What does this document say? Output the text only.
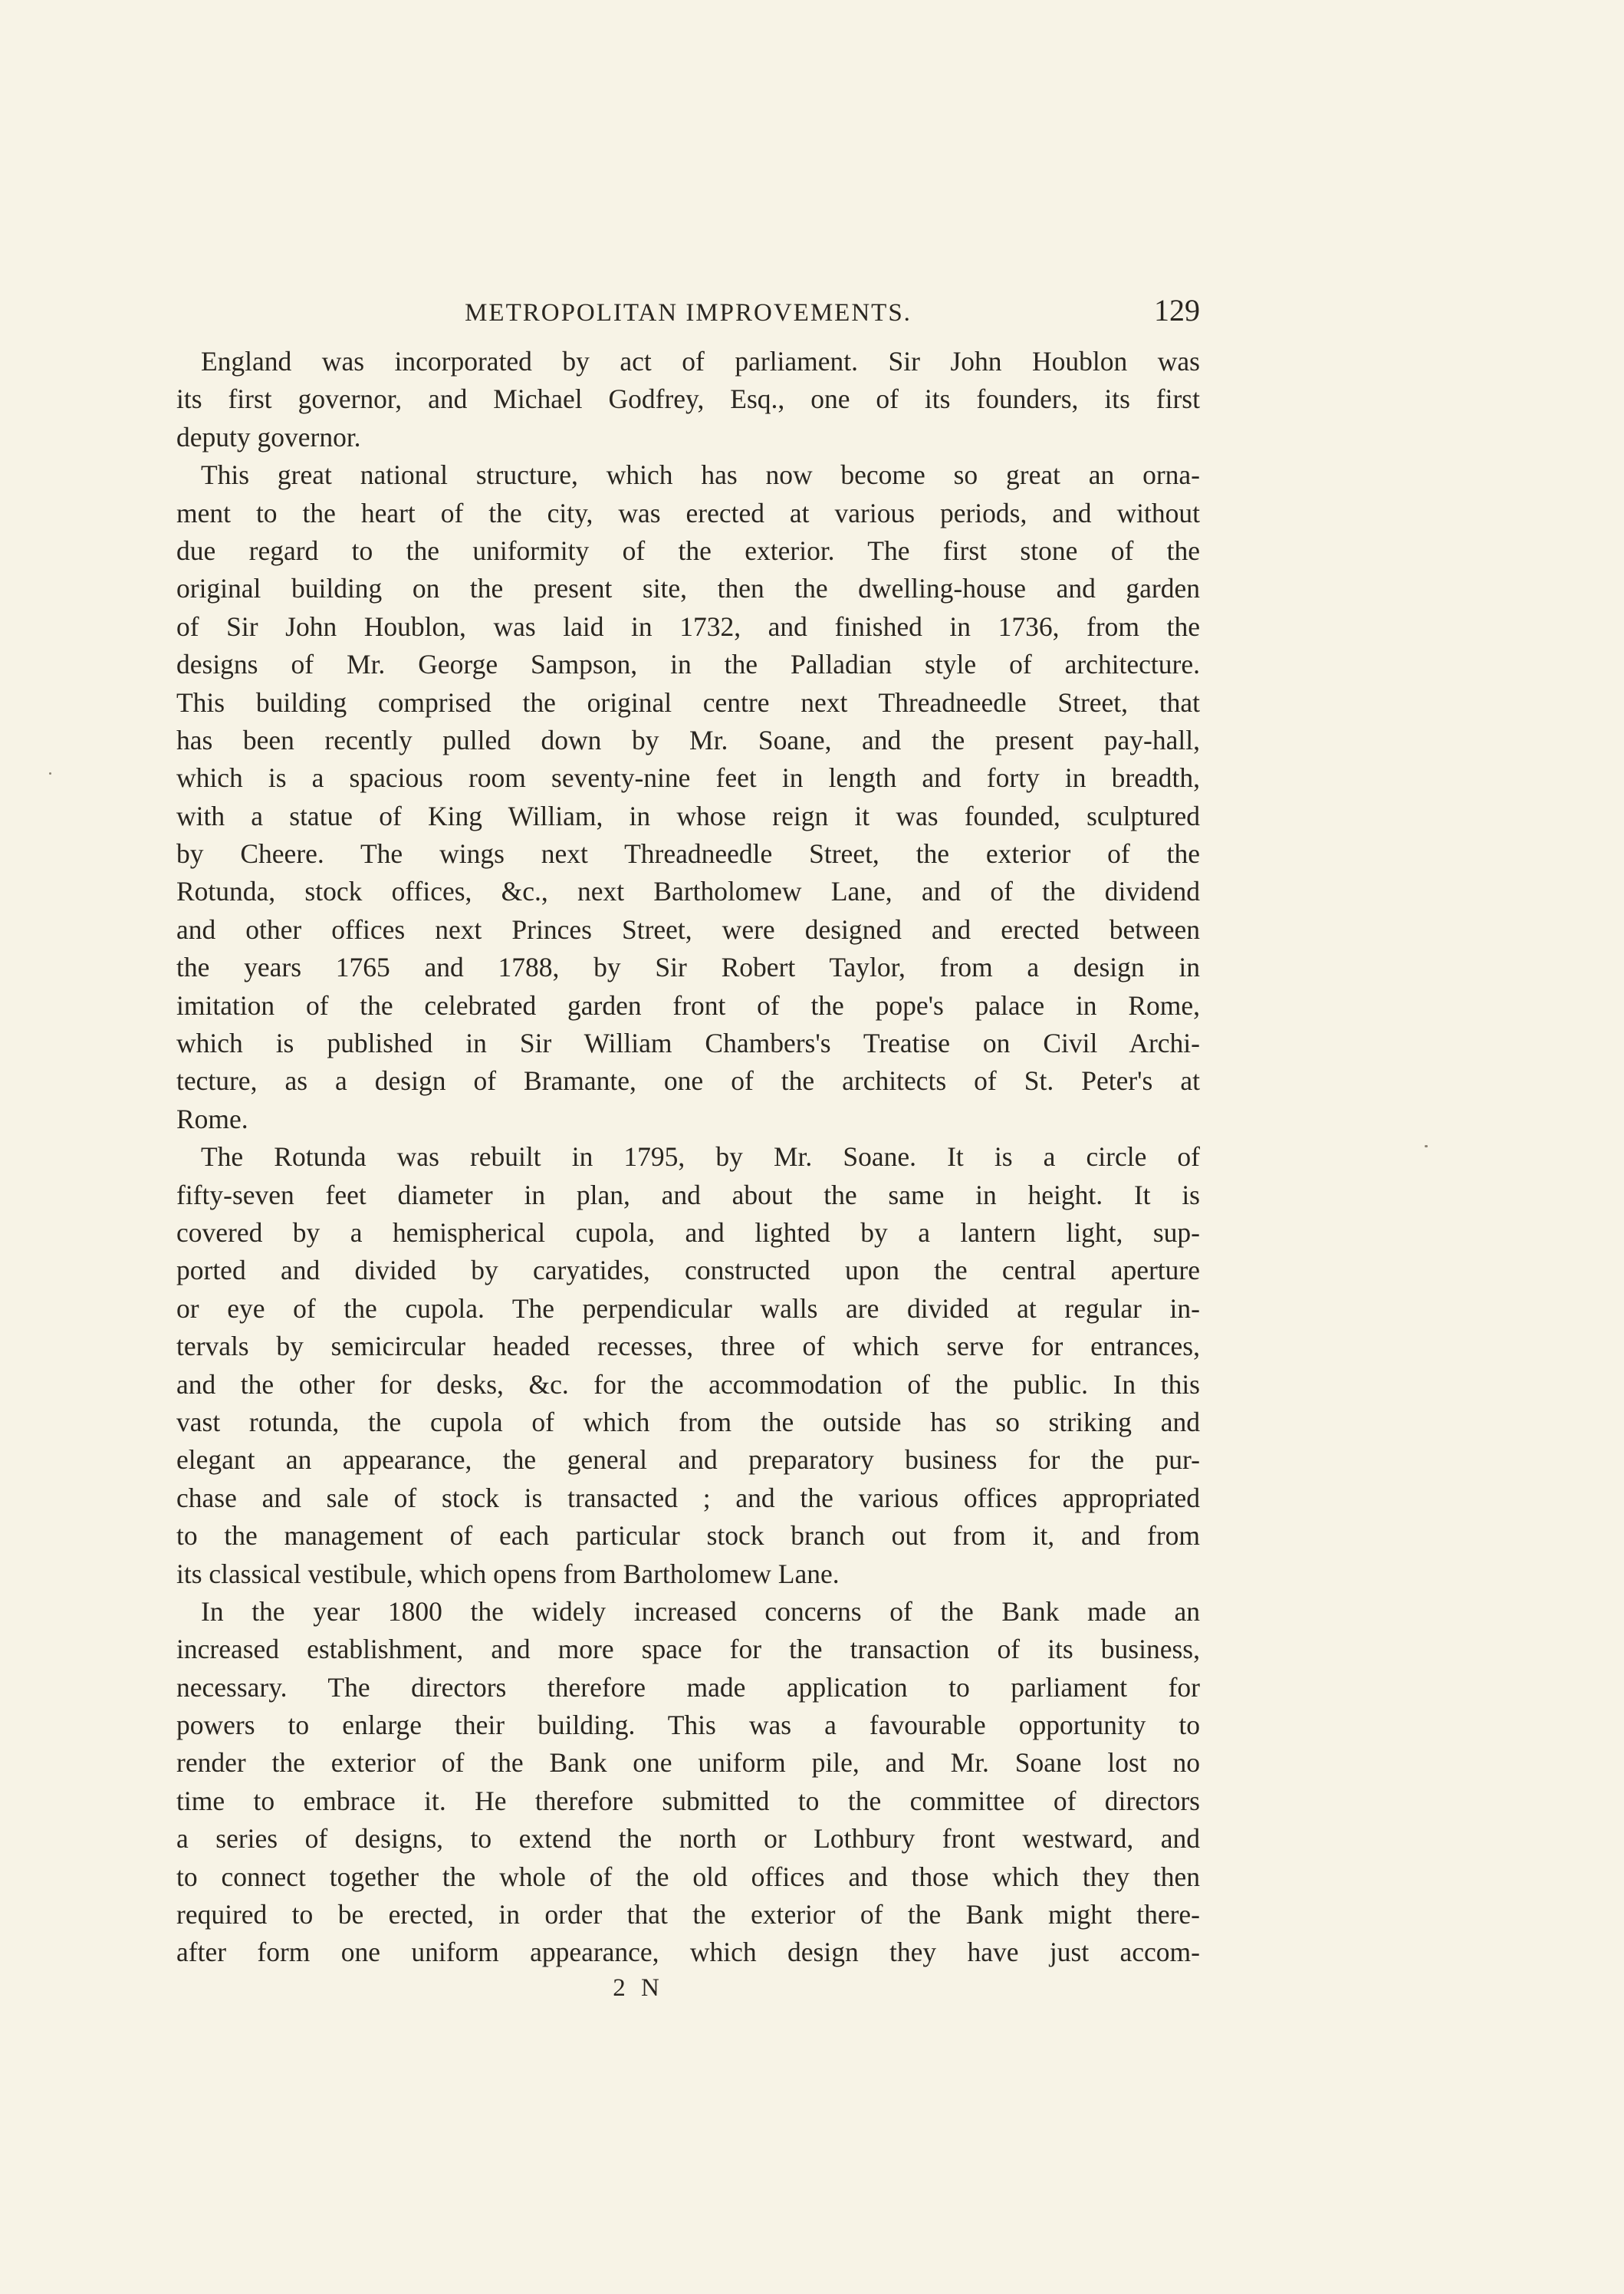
METROPOLITAN IMPROVEMENTS.	129
England was incorporated by act of parliament. Sir John Houblon was
its first governor, and Michael Godfrey, Esq., one of its founders, its first
deputy governor.
This great national structure, which has now become so great an orna-
ment to the heart of the city, was erected at various periods, and without
due regard to the uniformity of the exterior. The first stone of the
original building on the present site, then the dwelling-house and garden
of Sir John Houblon, was laid in 1732, and finished in 1736, from the
designs of Mr. George Sampson, in the Palladian style of architecture.
This building comprised the original centre next Threadneedle Street, that
has been recently pulled down by Mr. Soane, and the present pay-hall,
which is a spacious room seventy-nine feet in length and forty in breadth,
with a statue of King William, in whose reign it was founded, sculptured
by Cheere. The wings next Threadneedle Street, the exterior of the
Rotunda, stock offices, &c., next Bartholomew Lane, and of the dividend
and other offices next Princes Street, were designed and erected between
the years 1765 and 1788, by Sir Robert Taylor, from a design in
imitation of the celebrated garden front of the pope's palace in Rome,
which is published in Sir William Chambers's Treatise on Civil Archi-
tecture, as a design of Bramante, one of the architects of St. Peter's at
Rome.
The Rotunda was rebuilt in 1795, by Mr. Soane. It is a circle of
fifty-seven feet diameter in plan, and about the same in height. It is
covered by a hemispherical cupola, and lighted by a lantern light, sup-
ported and divided by caryatides, constructed upon the central aperture
or eye of the cupola. The perpendicular walls are divided at regular in-
tervals by semicircular headed recesses, three of which serve for entrances,
and the other for desks, &c. for the accommodation of the public. In this
vast rotunda, the cupola of which from the outside has so striking and
elegant an appearance, the general and preparatory business for the pur-
chase and sale of stock is transacted ; and the various offices appropriated
to the management of each particular stock branch out from it, and from
its classical vestibule, which opens from Bartholomew Lane.
In the year 1800 the widely increased concerns of the Bank made an
increased establishment, and more space for the transaction of its business,
necessary. The directors therefore made application to parliament for
powers to enlarge their building. This was a favourable opportunity to
render the exterior of the Bank one uniform pile, and Mr. Soane lost no
time to embrace it. He therefore submitted to the committee of directors
a series of designs, to extend the north or Lothbury front westward, and
to connect together the whole of the old offices and those which they then
required to be erected, in order that the exterior of the Bank might there-
after form one uniform appearance, which design they have just accom-
2 N
